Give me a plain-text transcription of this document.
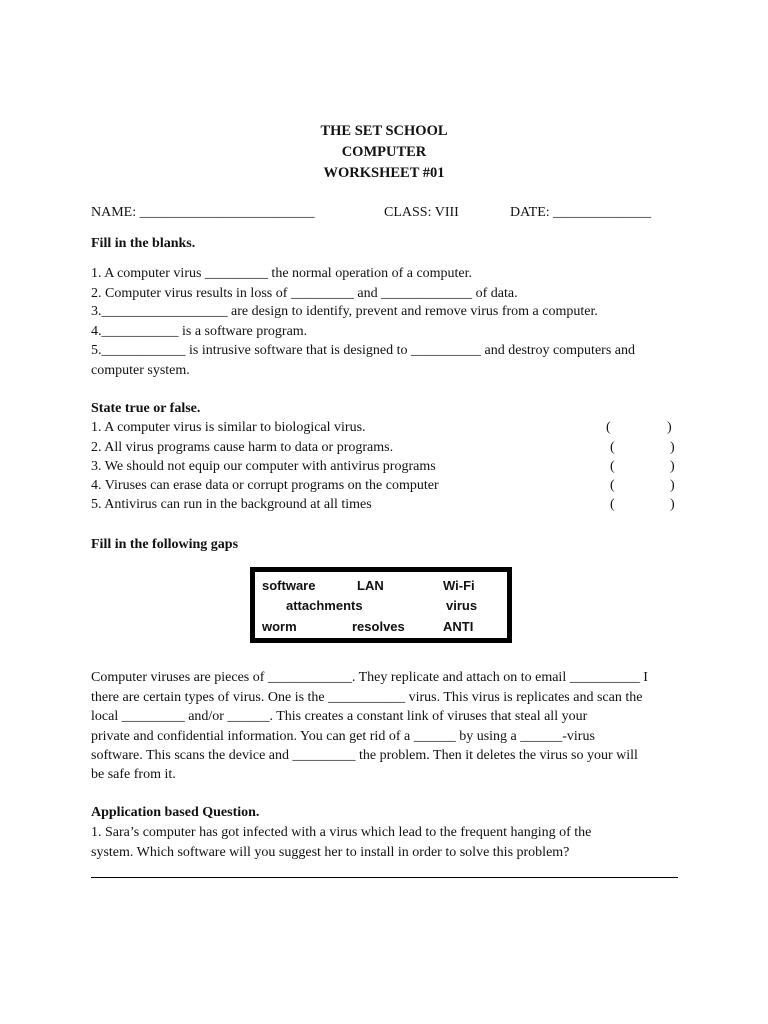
THE SET SCHOOL
COMPUTER
WORKSHEET #01
NAME: _________________________	CLASS: VIII	DATE: ______________
Fill in the blanks.
1. A computer virus _________ the normal operation of a computer.
2. Computer virus results in loss of _________ and _____________ of data.
3.__________________ are design to identify, prevent and remove virus from a computer.
4.___________ is a software program.
5.____________ is intrusive software that is designed to __________ and destroy computers and
computer system.
State true or false.
1. A computer virus is similar to biological virus.	(	)
2. All virus programs cause harm to data or programs.	(	)
3. We should not equip our computer with antivirus programs	(	)
4. Viruses can erase data or corrupt programs on the computer	(	)
5. Antivirus can run in the background at all times	(	)
Fill in the following gaps
software	LAN	Wi-Fi
attachments	virus
worm	resolves	ANTI
Computer viruses are pieces of ____________. They replicate and attach on to email __________ I
there are certain types of virus. One is the ___________ virus. This virus is replicates and scan the
local _________ and/or ______. This creates a constant link of viruses that steal all your
private and confidential information. You can get rid of a ______ by using a ______-virus
software. This scans the device and _________ the problem. Then it deletes the virus so your will
be safe from it.
Application based Question.
1. Sara’s computer has got infected with a virus which lead to the frequent hanging of the
system. Which software will you suggest her to install in order to solve this problem?
